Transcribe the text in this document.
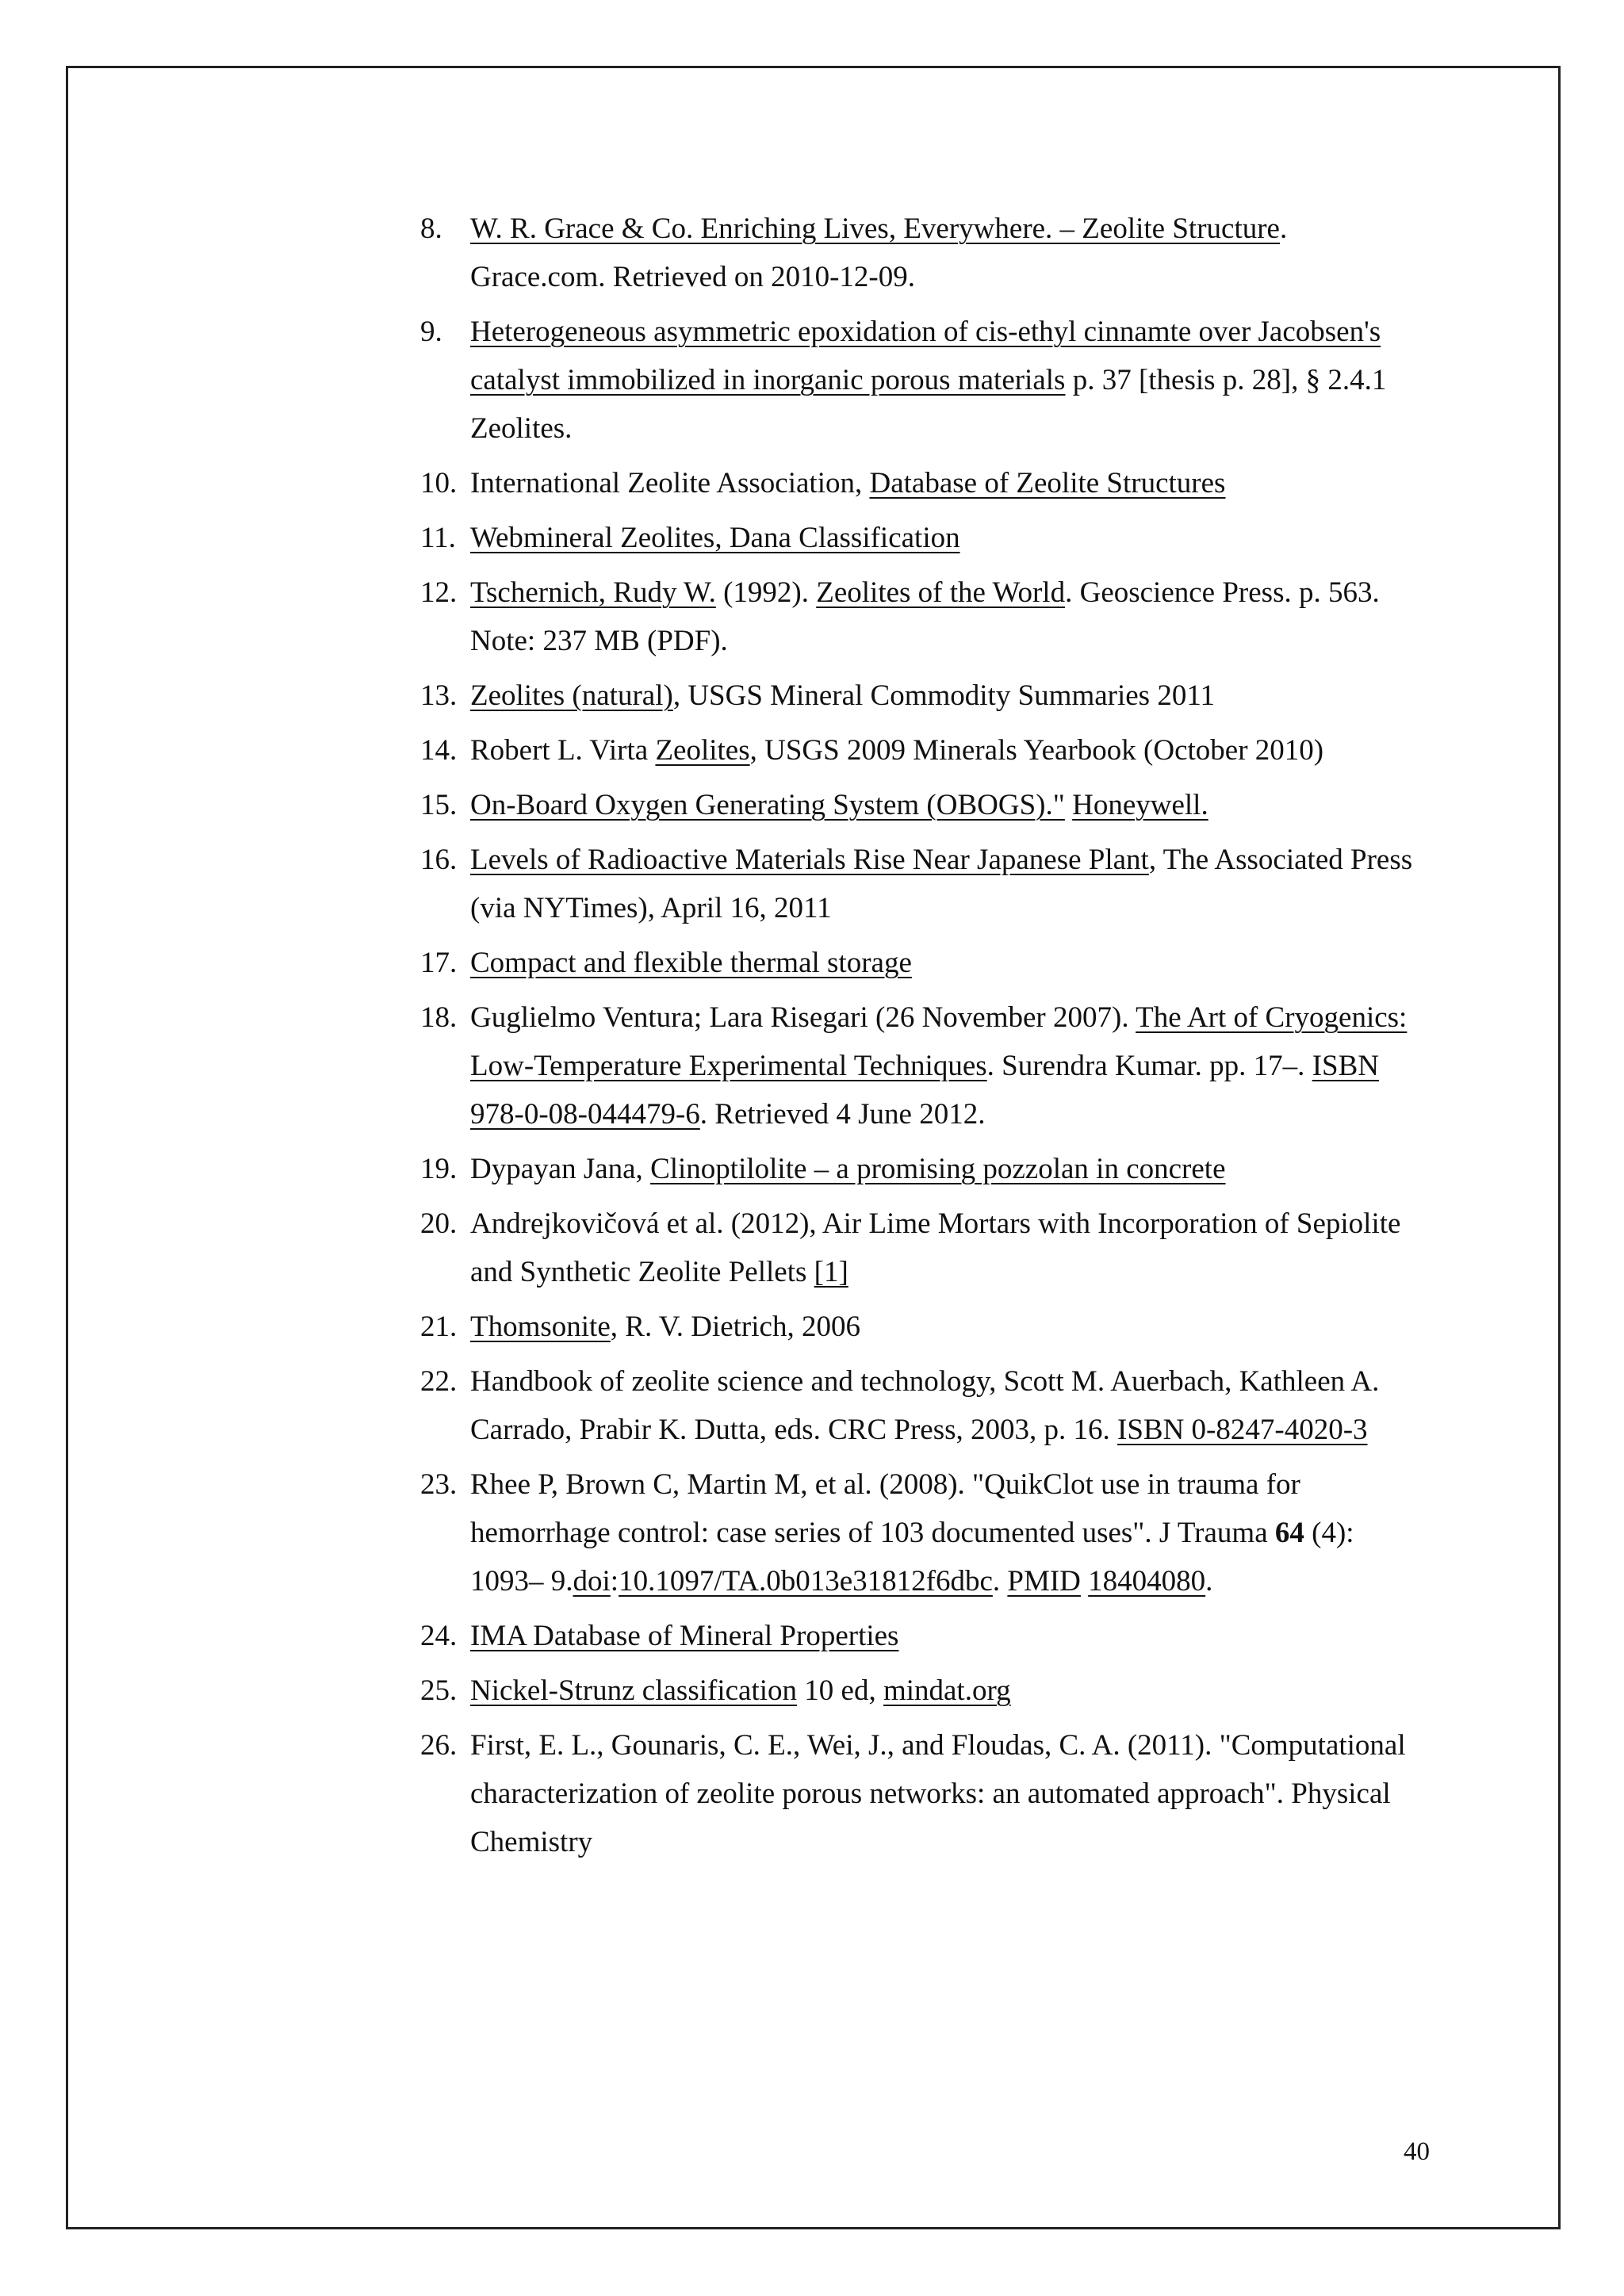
8. W. R. Grace & Co. Enriching Lives, Everywhere. – Zeolite Structure. Grace.com. Retrieved on 2010-12-09.
9. Heterogeneous asymmetric epoxidation of cis-ethyl cinnamte over Jacobsen's catalyst immobilized in inorganic porous materials p. 37 [thesis p. 28], § 2.4.1 Zeolites.
10. International Zeolite Association, Database of Zeolite Structures
11. Webmineral Zeolites, Dana Classification
12. Tschernich, Rudy W. (1992). Zeolites of the World. Geoscience Press. p. 563. Note: 237 MB (PDF).
13. Zeolites (natural), USGS Mineral Commodity Summaries 2011
14. Robert L. Virta Zeolites, USGS 2009 Minerals Yearbook (October 2010)
15. On-Board Oxygen Generating System (OBOGS)." Honeywell.
16. Levels of Radioactive Materials Rise Near Japanese Plant, The Associated Press (via NYTimes), April 16, 2011
17. Compact and flexible thermal storage
18. Guglielmo Ventura; Lara Risegari (26 November 2007). The Art of Cryogenics: Low-Temperature Experimental Techniques. Surendra Kumar. pp. 17–. ISBN 978-0-08-044479-6. Retrieved 4 June 2012.
19. Dypayan Jana, Clinoptilolite – a promising pozzolan in concrete
20. Andrejkovičová et al. (2012), Air Lime Mortars with Incorporation of Sepiolite and Synthetic Zeolite Pellets [1]
21. Thomsonite, R. V. Dietrich, 2006
22. Handbook of zeolite science and technology, Scott M. Auerbach, Kathleen A. Carrado, Prabir K. Dutta, eds. CRC Press, 2003, p. 16. ISBN 0-8247-4020-3
23. Rhee P, Brown C, Martin M, et al. (2008). "QuikClot use in trauma for hemorrhage control: case series of 103 documented uses". J Trauma 64 (4): 1093– 9.doi:10.1097/TA.0b013e31812f6dbc. PMID 18404080.
24. IMA Database of Mineral Properties
25. Nickel-Strunz classification 10 ed, mindat.org
26. First, E. L., Gounaris, C. E., Wei, J., and Floudas, C. A. (2011). "Computational characterization of zeolite porous networks: an automated approach". Physical Chemistry
40
